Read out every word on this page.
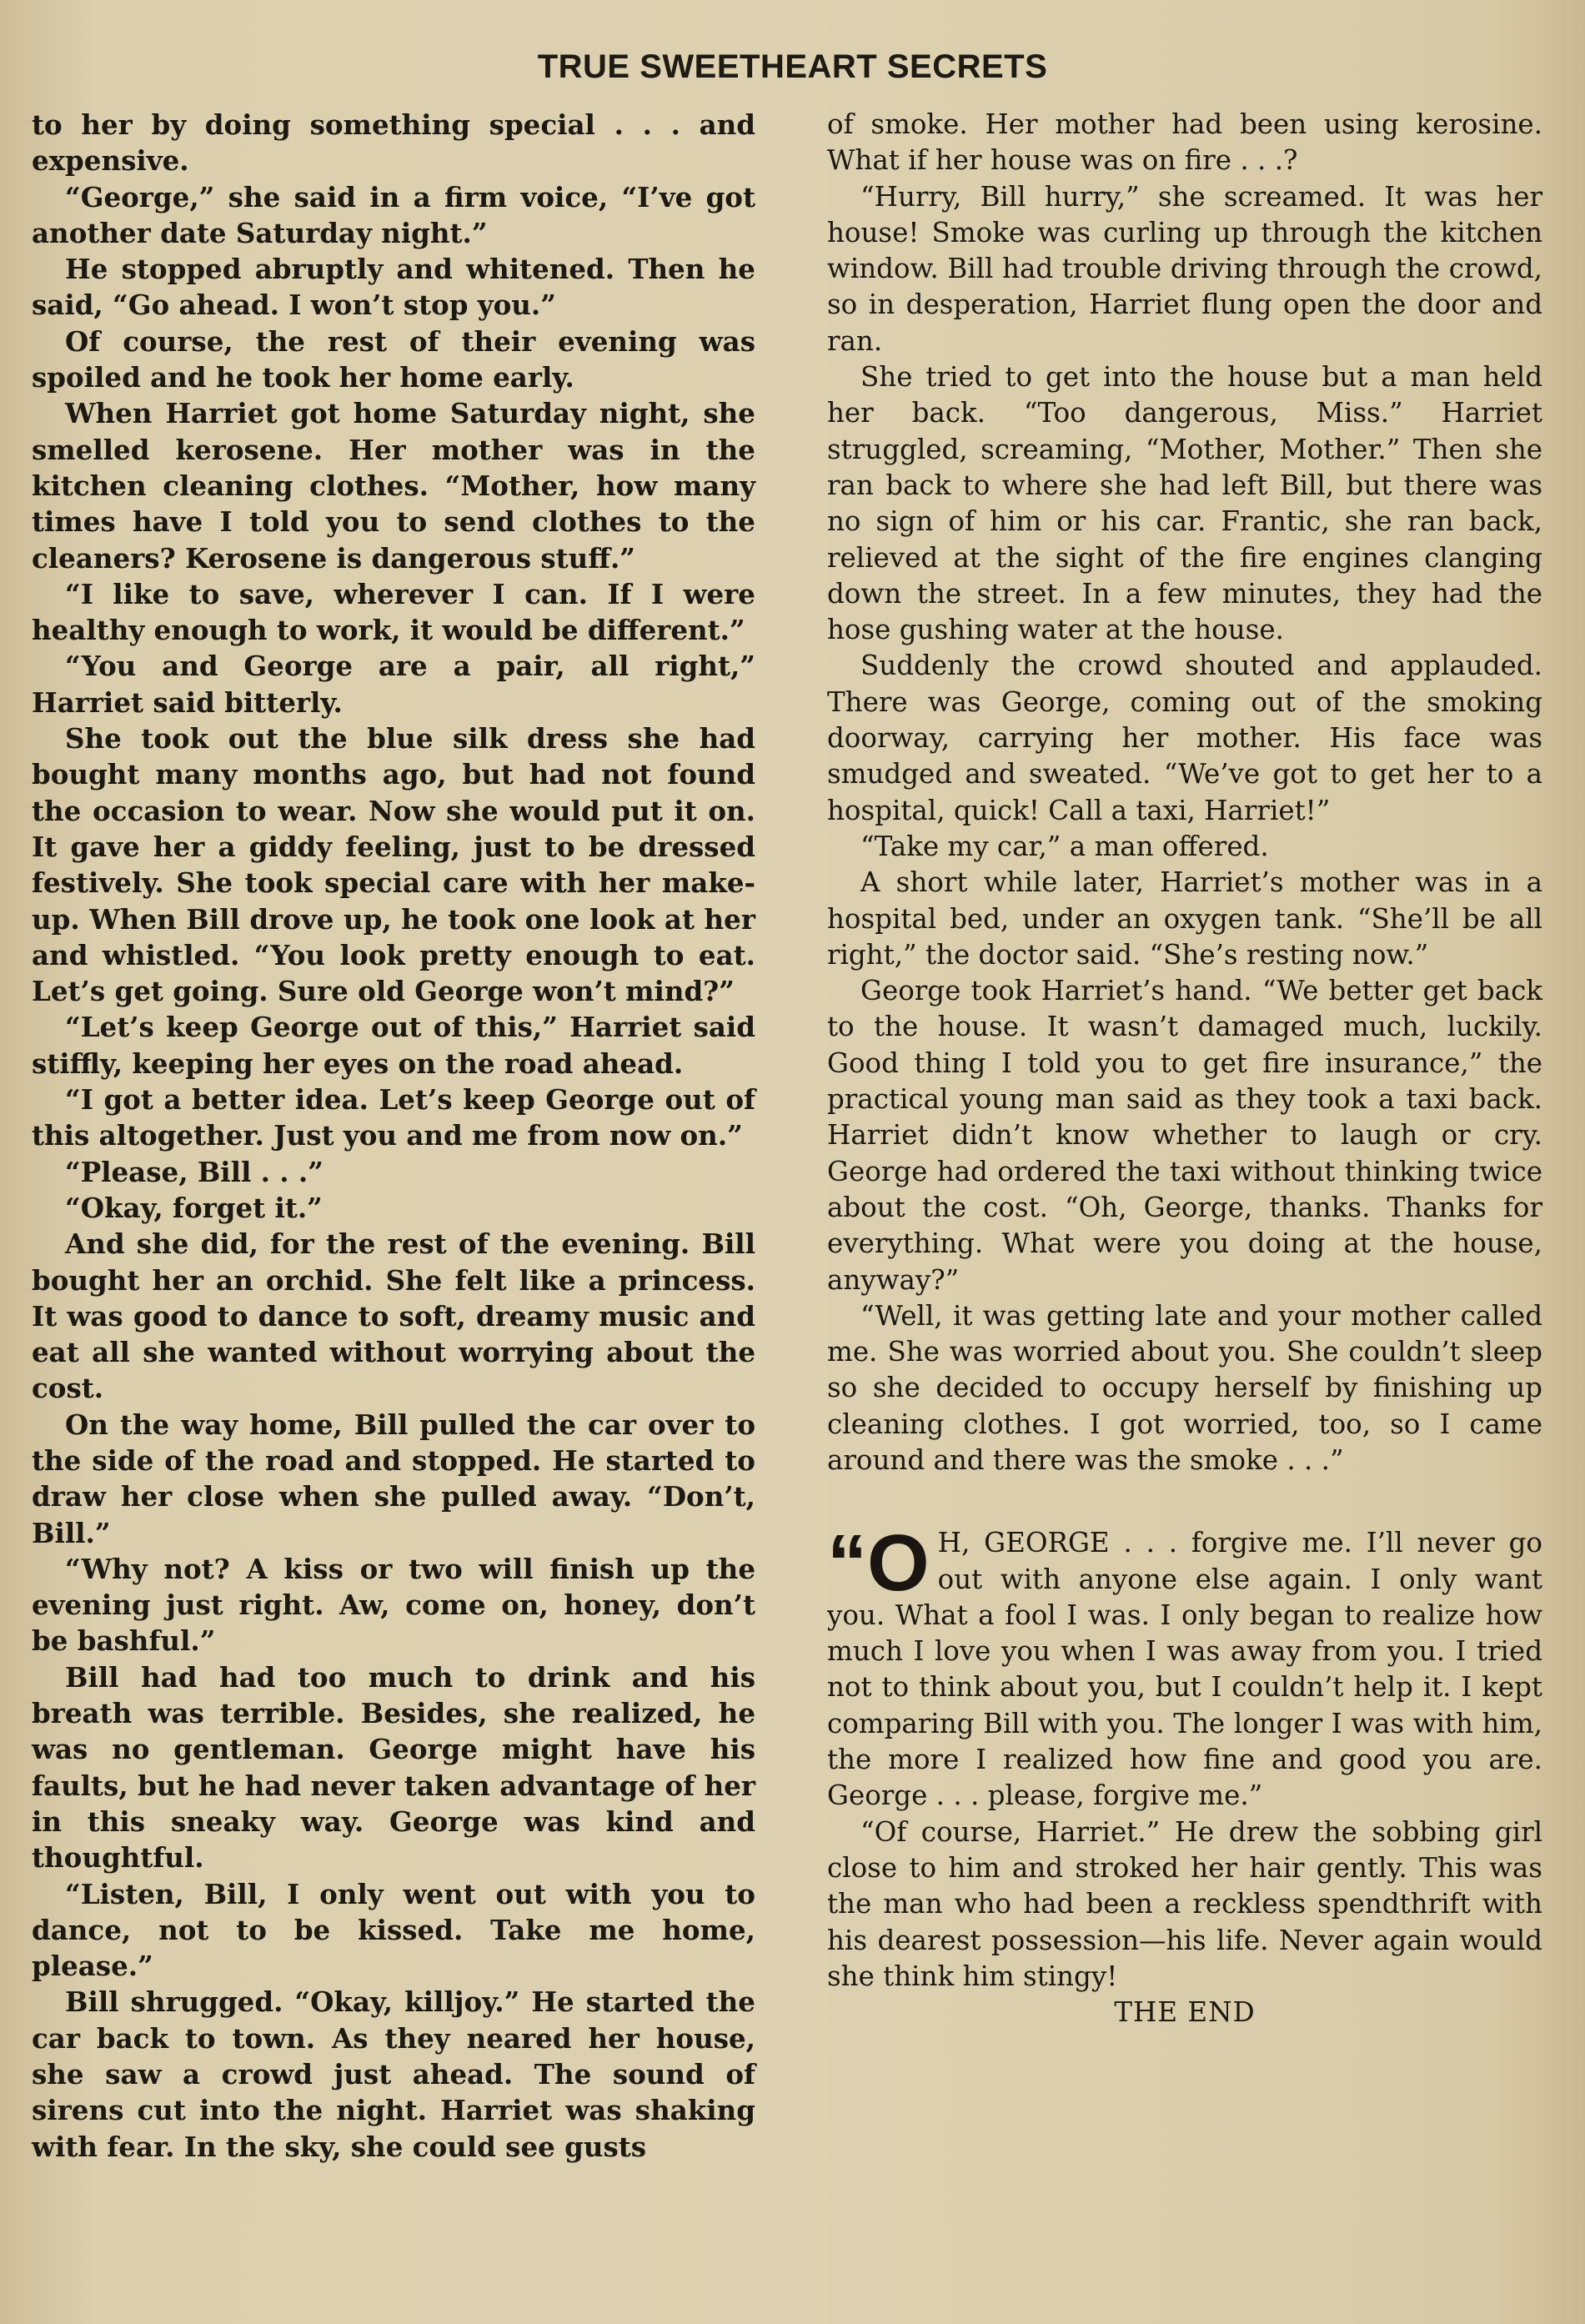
TRUE SWEETHEART SECRETS

to her by doing something special . . . and expensive.

“George,” she said in a firm voice, “I’ve got another date Saturday night.”

He stopped abruptly and whitened. Then he said, “Go ahead. I won’t stop you.”

Of course, the rest of their evening was spoiled and he took her home early.

When Harriet got home Saturday night, she smelled kerosene. Her mother was in the kitchen cleaning clothes. “Mother, how many times have I told you to send clothes to the cleaners? Kerosene is dangerous stuff.”

“I like to save, wherever I can. If I were healthy enough to work, it would be different.”

“You and George are a pair, all right,” Harriet said bitterly.

She took out the blue silk dress she had bought many months ago, but had not found the occasion to wear. Now she would put it on. It gave her a giddy feeling, just to be dressed festively. She took special care with her make-up. When Bill drove up, he took one look at her and whistled. “You look pretty enough to eat. Let’s get going. Sure old George won’t mind?”

“Let’s keep George out of this,” Harriet said stiffly, keeping her eyes on the road ahead.

“I got a better idea. Let’s keep George out of this altogether. Just you and me from now on.”

“Please, Bill . . .”

“Okay, forget it.”

And she did, for the rest of the evening. Bill bought her an orchid. She felt like a princess. It was good to dance to soft, dreamy music and eat all she wanted without worrying about the cost.

On the way home, Bill pulled the car over to the side of the road and stopped. He started to draw her close when she pulled away. “Don’t, Bill.”

“Why not? A kiss or two will finish up the evening just right. Aw, come on, honey, don’t be bashful.”

Bill had had too much to drink and his breath was terrible. Besides, she realized, he was no gentleman. George might have his faults, but he had never taken advantage of her in this sneaky way. George was kind and thoughtful.

“Listen, Bill, I only went out with you to dance, not to be kissed. Take me home, please.”

Bill shrugged. “Okay, killjoy.” He started the car back to town. As they neared her house, she saw a crowd just ahead. The sound of sirens cut into the night. Harriet was shaking with fear. In the sky, she could see gusts

of smoke. Her mother had been using kerosine. What if her house was on fire . . .?

“Hurry, Bill hurry,” she screamed. It was her house! Smoke was curling up through the kitchen window. Bill had trouble driving through the crowd, so in desperation, Harriet flung open the door and ran.

She tried to get into the house but a man held her back. “Too dangerous, Miss.” Harriet struggled, screaming, “Mother, Mother.” Then she ran back to where she had left Bill, but there was no sign of him or his car. Frantic, she ran back, relieved at the sight of the fire engines clanging down the street. In a few minutes, they had the hose gushing water at the house.

Suddenly the crowd shouted and applauded. There was George, coming out of the smoking doorway, carrying her mother. His face was smudged and sweated. “We’ve got to get her to a hospital, quick! Call a taxi, Harriet!”

“Take my car,” a man offered.

A short while later, Harriet’s mother was in a hospital bed, under an oxygen tank. “She’ll be all right,” the doctor said. “She’s resting now.”

George took Harriet’s hand. “We better get back to the house. It wasn’t damaged much, luckily. Good thing I told you to get fire insurance,” the practical young man said as they took a taxi back. Harriet didn’t know whether to laugh or cry. George had ordered the taxi without thinking twice about the cost. “Oh, George, thanks. Thanks for everything. What were you doing at the house, anyway?”

“Well, it was getting late and your mother called me. She was worried about you. She couldn’t sleep so she decided to occupy herself by finishing up cleaning clothes. I got worried, too, so I came around and there was the smoke . . .”

“O H, GEORGE . . . forgive me. I’ll never go out with anyone else again. I only want you. What a fool I was. I only began to realize how much I love you when I was away from you. I tried not to think about you, but I couldn’t help it. I kept comparing Bill with you. The longer I was with him, the more I realized how fine and good you are. George . . . please, forgive me.”

“Of course, Harriet.” He drew the sobbing girl close to him and stroked her hair gently. This was the man who had been a reckless spendthrift with his dearest possession—his life. Never again would she think him stingy!

THE END
